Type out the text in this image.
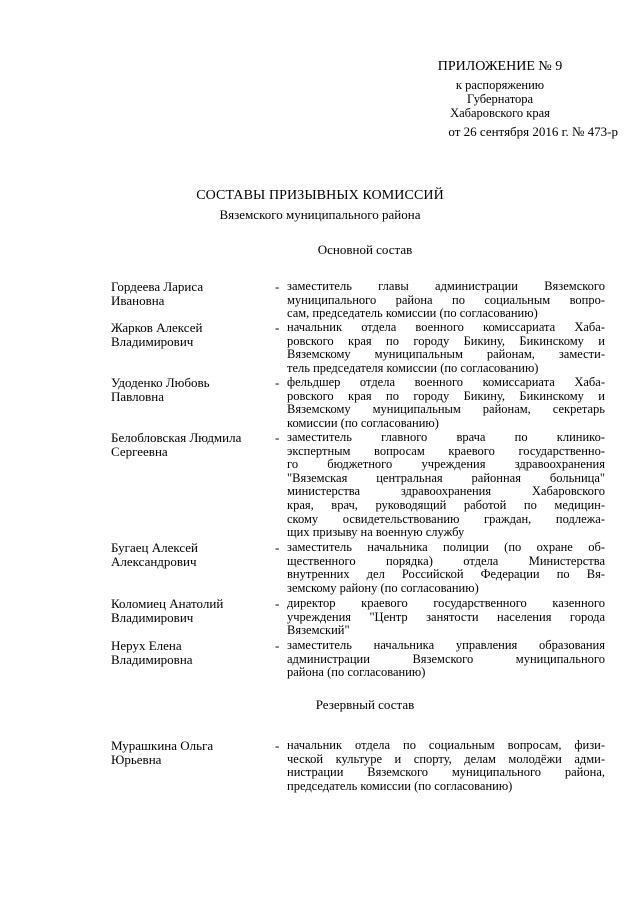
ПРИЛОЖЕНИЕ № 9
к распоряжению
Губернатора
Хабаровского края
от 26 сентября 2016 г. № 473-р
СОСТАВЫ ПРИЗЫВНЫХ КОМИССИЙ
Вяземского муниципального района
Основной состав
Резервный состав
Гордеева Лариса
Ивановна
- заместитель главы администрации Вяземского
муниципального района по социальным вопро-
сам, председатель комиссии (по согласованию)
Жарков Алексей
Владимирович
- начальник отдела военного комиссариата Хаба-
ровского края по городу Бикину, Бикинскому и
Вяземскому муниципальным районам, замести-
тель председателя комиссии (по согласованию)
Удоденко Любовь
Павловна
- фельдшер отдела военного комиссариата Хаба-
ровского края по городу Бикину, Бикинскому и
Вяземскому муниципальным районам, секретарь
комиссии (по согласованию)
Белобловская Людмила
Сергеевна
- заместитель главного врача по клинико-
экспертным вопросам краевого государственно-
го бюджетного учреждения здравоохранения
"Вяземская центральная районная больница"
министерства здравоохранения Хабаровского
края, врач, руководящий работой по медицин-
скому освидетельствованию граждан, подлежа-
щих призыву на военную службу
Бугаец Алексей
Александрович
- заместитель начальника полиции (по охране об-
щественного порядка) отдела Министерства
внутренних дел Российской Федерации по Вя-
земскому району (по согласованию)
Коломиец Анатолий
Владимирович
- директор краевого государственного казенного
учреждения "Центр занятости населения города
Вяземский"
Нерух Елена
Владимировна
- заместитель начальника управления образования
администрации Вяземского муниципального
района (по согласованию)
Мурашкина Ольга
Юрьевна
- начальник отдела по социальным вопросам, физи-
ческой культуре и спорту, делам молодёжи адми-
нистрации Вяземского муниципального района,
председатель комиссии (по согласованию)
